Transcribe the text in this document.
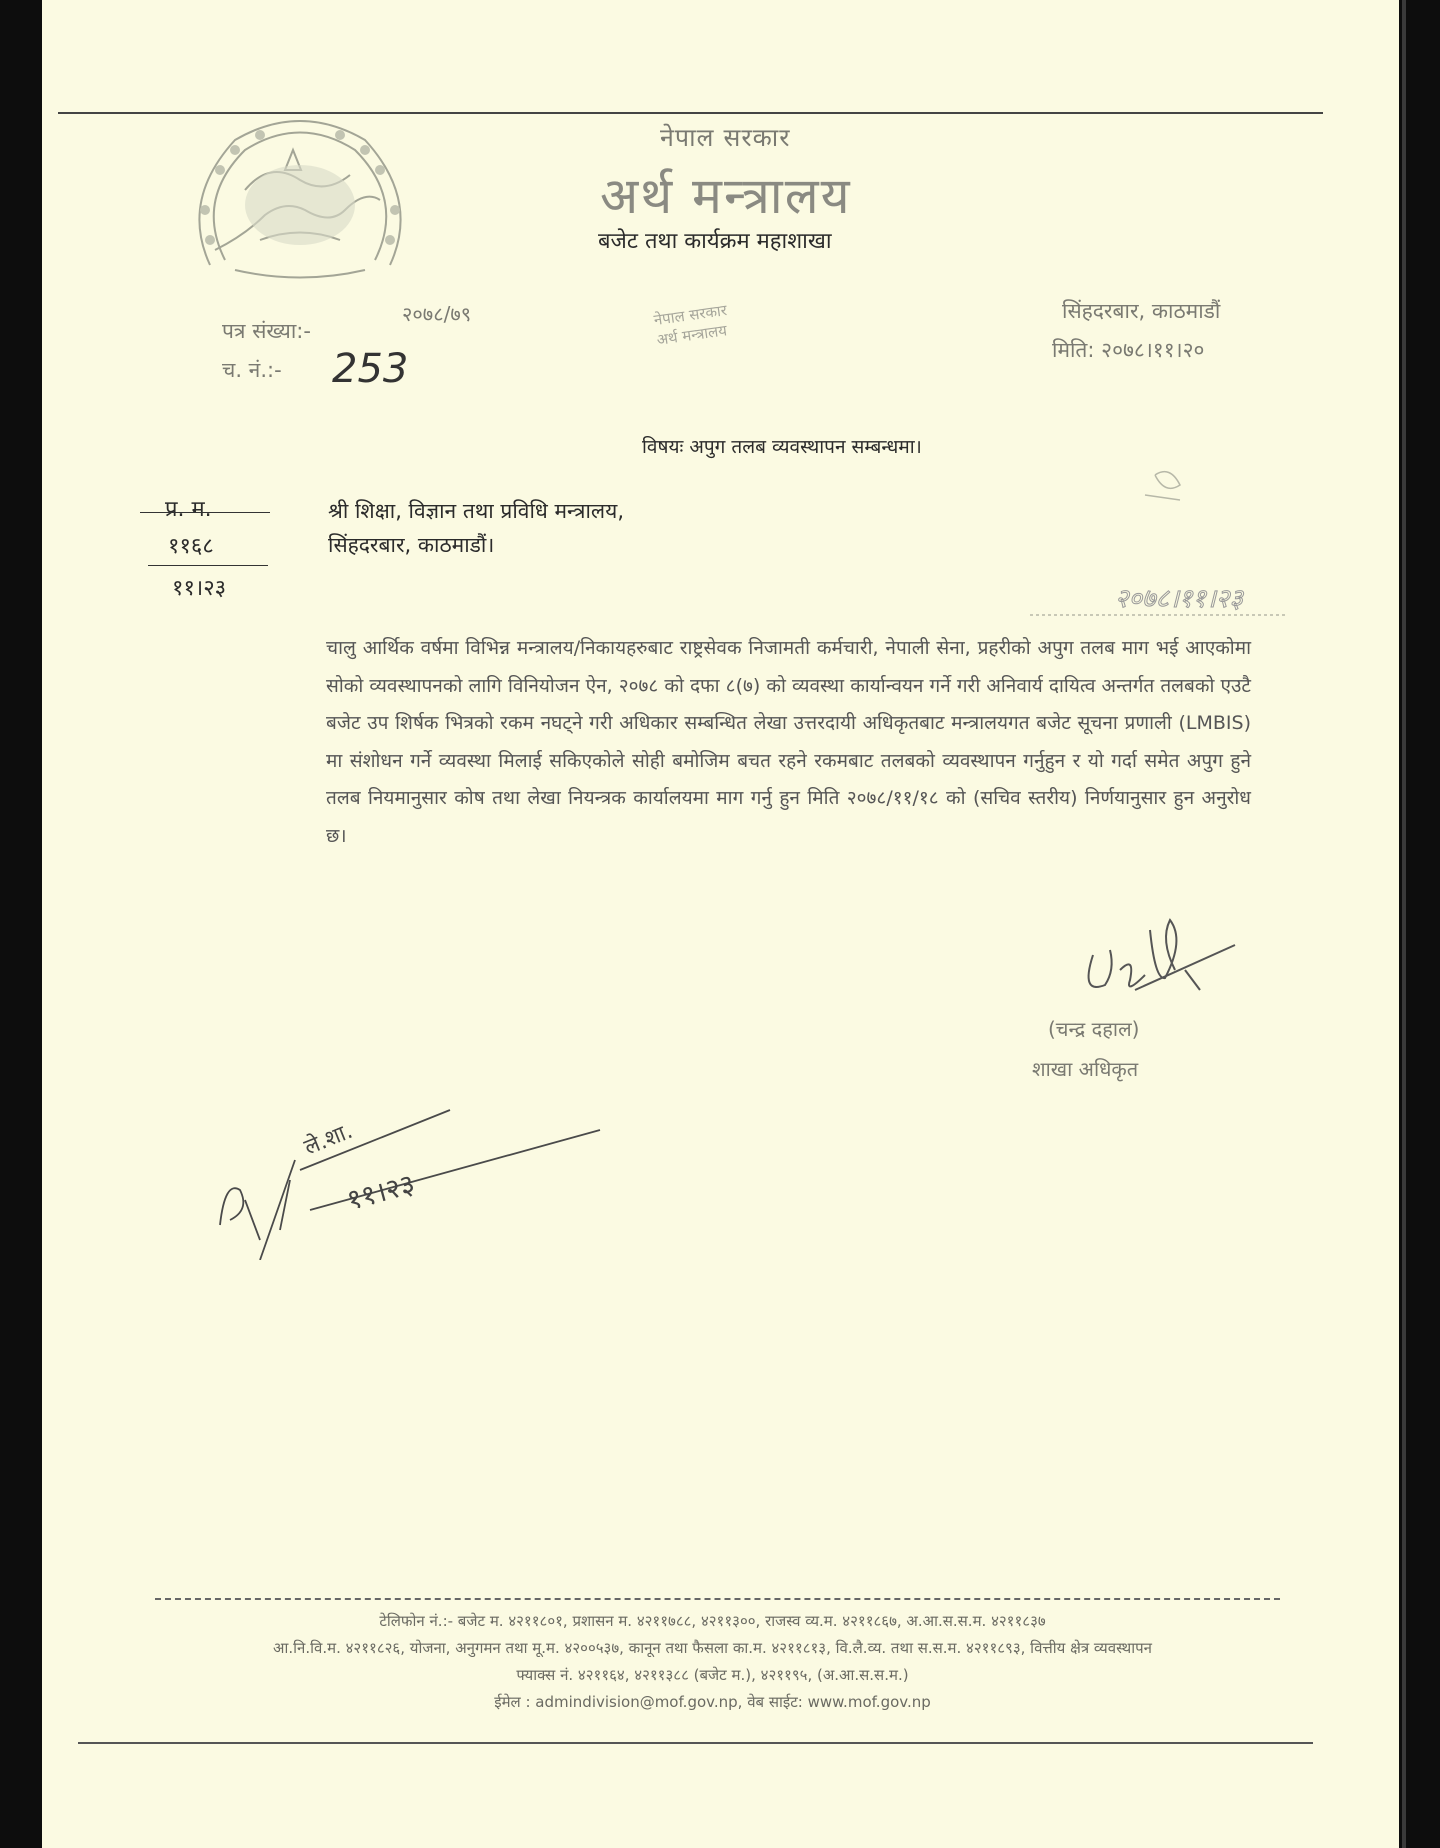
नेपाल सरकार
अर्थ मन्त्रालय
बजेट तथा कार्यक्रम महाशाखा
नेपाल सरकार
अर्थ मन्त्रालय
सिंहदरबार, काठमाडौं
मिति: २०७८।११।२०
पत्र संख्या:-
२०७८/७९
च. नं.:- 253
विषयः अपुग तलब व्यवस्थापन सम्बन्धमा।
प्र. म.
११६८
११।२३
श्री शिक्षा, विज्ञान तथा प्रविधि मन्त्रालय,
सिंहदरबार, काठमाडौं।
२०७८।११।२३
चालु आर्थिक वर्षमा विभिन्न मन्त्रालय/निकायहरुबाट राष्ट्रसेवक निजामती कर्मचारी, नेपाली सेना, प्रहरीको अपुग तलब माग भई आएकोमा सोको व्यवस्थापनको लागि विनियोजन ऐन, २०७८ को दफा ८(७) को व्यवस्था कार्यान्वयन गर्ने गरी अनिवार्य दायित्व अन्तर्गत तलबको एउटै बजेट उप शिर्षक भित्रको रकम नघट्ने गरी अधिकार सम्बन्धित लेखा उत्तरदायी अधिकृतबाट मन्त्रालयगत बजेट सूचना प्रणाली (LMBIS) मा संशोधन गर्ने व्यवस्था मिलाई सकिएकोले सोही बमोजिम बचत रहने रकमबाट तलबको व्यवस्थापन गर्नुहुन र यो गर्दा समेत अपुग हुने तलब नियमानुसार कोष तथा लेखा नियन्त्रक कार्यालयमा माग गर्नु हुन मिति २०७८/११/१८ को (सचिव स्तरीय) निर्णयानुसार हुन अनुरोध छ।
(चन्द्र दहाल)
शाखा अधिकृत
ले.शा.
११।२३
टेलिफोन नं.:- बजेट म. ४२११८०१, प्रशासन म. ४२११७८८, ४२११३००, राजस्व व्य.म. ४२११८६७, अ.आ.स.स.म. ४२११८३७
आ.नि.वि.म. ४२११८२६, योजना, अनुगमन तथा मू.म. ४२००५३७, कानून तथा फैसला का.म. ४२११८१३, वि.लै.व्य. तथा स.स.म. ४२११८९३, वित्तीय क्षेत्र व्यवस्थापन
फ्याक्स नं. ४२११६४, ४२११३८८ (बजेट म.), ४२११९५, (अ.आ.स.स.म.)
ईमेल : admindivision@mof.gov.np, वेब साईट: www.mof.gov.np
